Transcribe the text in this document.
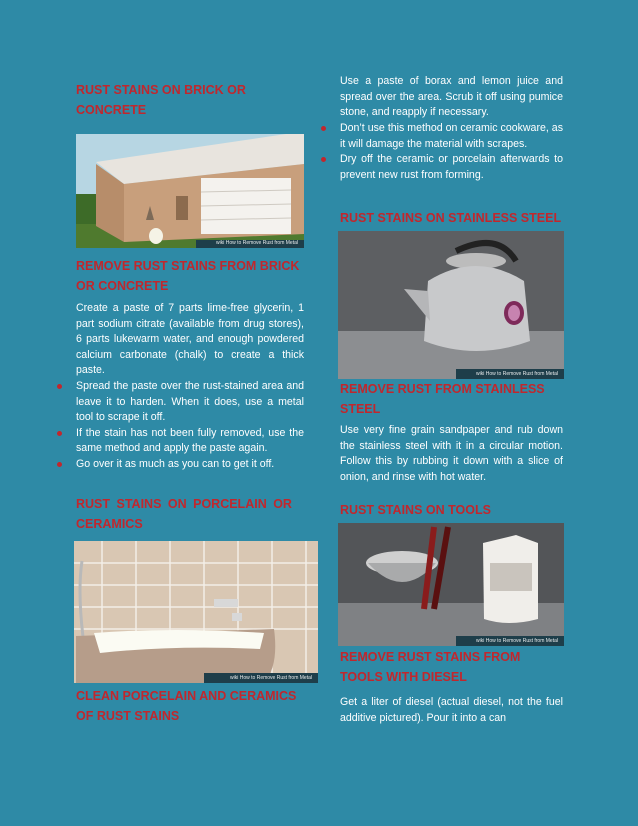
RUST STAINS ON BRICK OR CONCRETE
wiki How to Remove Rust from Metal
REMOVE RUST STAINS FROM BRICK OR CONCRETE

Create a paste of 7 parts lime-free glycerin, 1 part sodium citrate (available from drug stores), 6 parts lukewarm water, and enough powdered calcium carbonate (chalk) to create a thick paste.

Spread the paste over the rust-stained area and leave it to harden. When it does, use a metal tool to scrape it off.
If the stain has not been fully removed, use the same method and apply the paste again.
Go over it as much as you can to get it off.
RUST STAINS ON PORCELAIN OR CERAMICS
wiki How to Remove Rust from Metal
CLEAN PORCELAIN AND CERAMICS OF RUST STAINS

Use a paste of borax and lemon juice and spread over the area. Scrub it off using pumice stone, and reapply if necessary.

Don’t use this method on ceramic cookware, as it will damage the material with scrapes.
Dry off the ceramic or porcelain afterwards to prevent new rust from forming.
RUST STAINS ON STAINLESS STEEL
wiki How to Remove Rust from Metal
REMOVE RUST FROM STAINLESS STEEL

Use very fine grain sandpaper and rub down the stainless steel with it in a circular motion. Follow this by rubbing it down with a slice of onion, and rinse with hot water.

RUST STAINS ON TOOLS
wiki How to Remove Rust from Metal
REMOVE RUST STAINS FROM TOOLS WITH DIESEL

Get a liter of diesel (actual diesel, not the fuel additive pictured). Pour it into a can
